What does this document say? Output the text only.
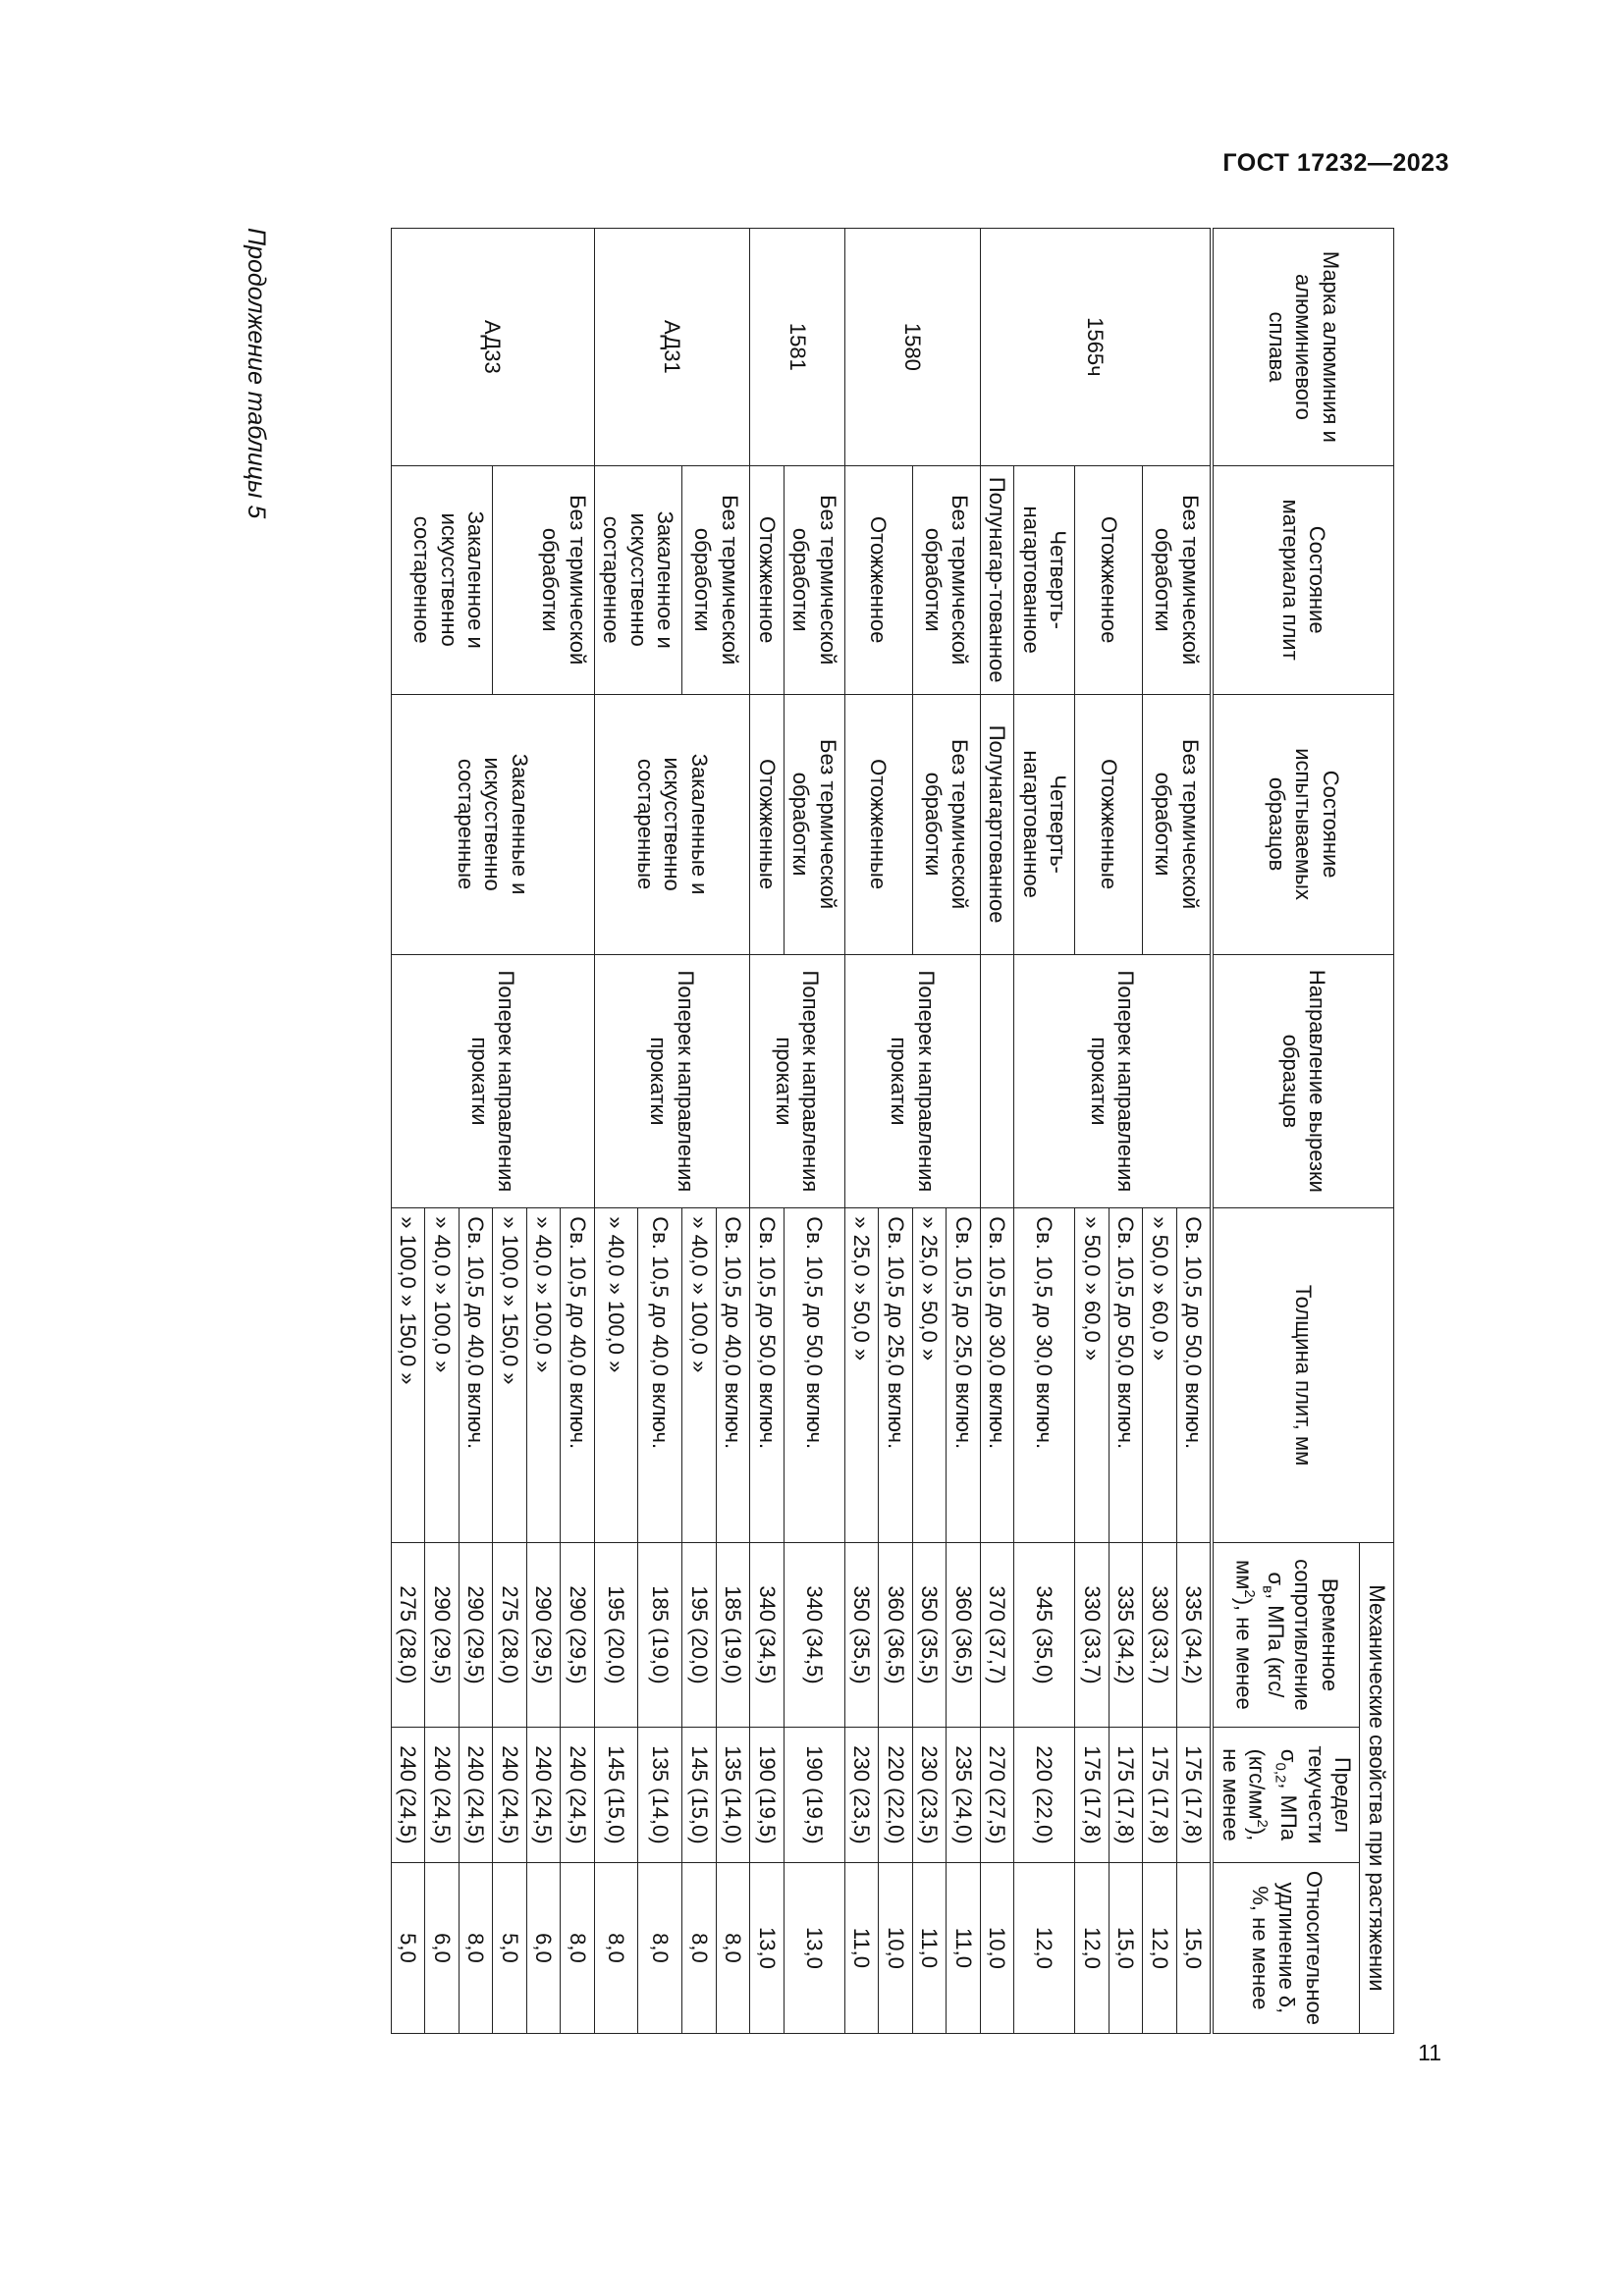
ГОСТ 17232—2023
11
Продолжение таблицы 5	Марка алюминия и алюминиевого сплава	Состояние материала плит	Состояние испытываемых образцов	Направление вырезки образцов	Толщина плит, мм	Механические свойства при растяжении		
					Временное сопротивление $\sigma_в$, МПа $(кгс/мм^2)$, не менее	Предел текучести $\sigma_{0,2}$, МПа $(кгс/мм^2)$, не менее	Относительное удлинение δ, %, не менее
1565ч	Без термической обработки	Без термической обработки	Поперек направления прокатки	Св. 10,5 до 50,0 включ.	335 (34,2)	175 (17,8)	15,0
				» 50,0 » 60,0 »	330 (33,7)	175 (17,8)	12,0
	Отожженное	Отожженные		Св. 10,5 до 50,0 включ.	335 (34,2)	175 (17,8)	15,0
				» 50,0 » 60,0 »	330 (33,7)	175 (17,8)	12,0
	Четверть-нагартованное	Четверть-нагартованное		Св. 10,5 до 30,0 включ.	345 (35,0)	220 (22,0)	12,0
	Полунагар-тованное	Полунагартованное		Св. 10,5 до 30,0 включ.	370 (37,7)	270 (27,5)	10,0
1580	Без термической обработки	Без термической обработки	Поперек направления прокатки	Св. 10,5 до 25,0 включ.	360 (36,5)	235 (24,0)	11,0
				» 25,0 » 50,0 »	350 (35,5)	230 (23,5)	11,0
	Отожженное	Отожженные		Св. 10,5 до 25,0 включ.	360 (36,5)	220 (22,0)	10,0
				» 25,0 » 50,0 »	350 (35,5)	230 (23,5)	11,0
1581	Без термической обработки	Без термической обработки	Поперек направления прокатки	Св. 10,5 до 50,0 включ.	340 (34,5)	190 (19,5)	13,0
	Отожженное	Отожженные		Св. 10,5 до 50,0 включ.	340 (34,5)	190 (19,5)	13,0
АД31	Без термической обработки	Закаленные и искусственно состаренные	Поперек направления прокатки	Св. 10,5 до 40,0 включ.	185 (19,0)	135 (14,0)	8,0
				» 40,0 » 100,0 »	195 (20,0)	145 (15,0)	8,0
	Закаленное и искусственно состаренное			Св. 10,5 до 40,0 включ.	185 (19,0)	135 (14,0)	8,0
				» 40,0 » 100,0 »	195 (20,0)	145 (15,0)	8,0
АД33	Без термической обработки	Закаленные и искусственно состаренные	Поперек направления прокатки	Св. 10,5 до 40,0 включ.	290 (29,5)	240 (24,5)	8,0
				» 40,0 » 100,0 »	290 (29,5)	240 (24,5)	6,0
				» 100,0 » 150,0 »	275 (28,0)	240 (24,5)	5,0
	Закаленное и искусственно состаренное			Св. 10,5 до 40,0 включ.	290 (29,5)	240 (24,5)	8,0
				» 40,0 » 100,0 »	290 (29,5)	240 (24,5)	6,0
				» 100,0 » 150,0 »	275 (28,0)	240 (24,5)	5,0
